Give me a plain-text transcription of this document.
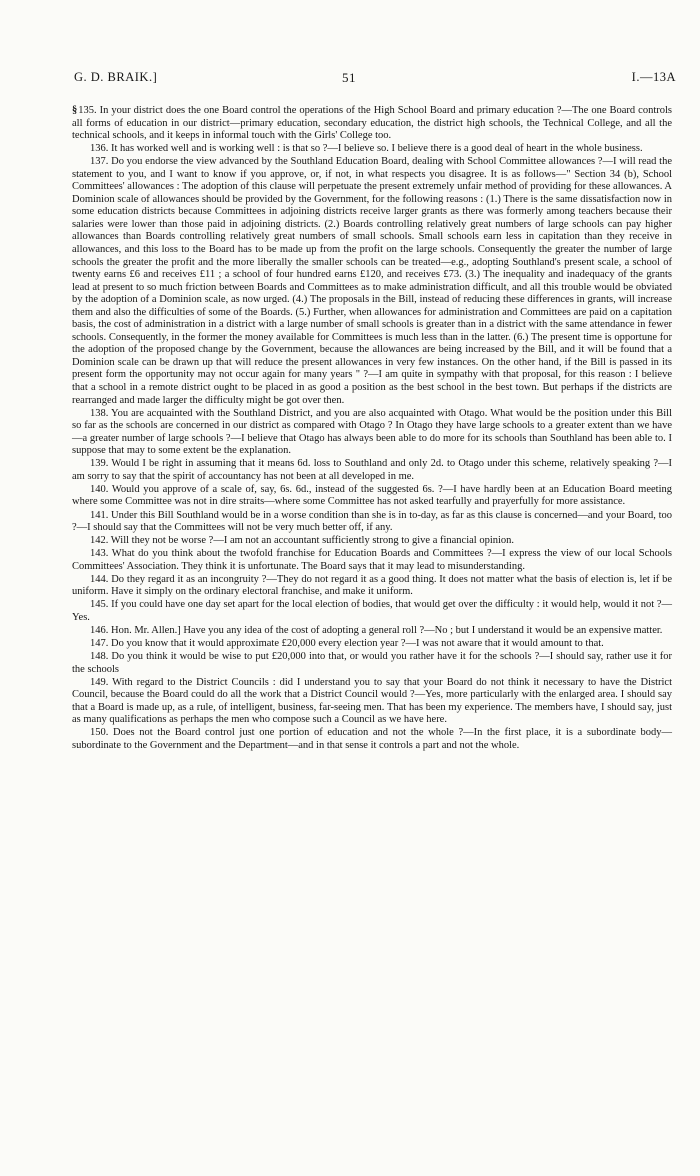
G. D. BRAIK.]	51	I.—13A

§135. In your district does the one Board control the operations of the High School Board and primary education ?—The one Board controls all forms of education in our district—primary education, secondary education, the district high schools, the Technical College, and all the technical schools, and it keeps in informal touch with the Girls' College too.

136. It has worked well and is working well : is that so ?—I believe so. I believe there is a good deal of heart in the whole business.

137. Do you endorse the view advanced by the Southland Education Board, dealing with School Committee allowances ?—I will read the statement to you, and I want to know if you approve, or, if not, in what respects you disagree. It is as follows—" Section 34 (b), School Committees' allowances : The adoption of this clause will perpetuate the present extremely unfair method of providing for these allowances. A Dominion scale of allowances should be provided by the Government, for the following reasons : (1.) There is the same dissatisfaction now in some education districts because Committees in adjoining districts receive larger grants as there was formerly among teachers because their salaries were lower than those paid in adjoining districts. (2.) Boards controlling relatively great numbers of large schools can pay higher allowances than Boards controlling relatively great numbers of small schools. Small schools earn less in capitation than they receive in allowances, and this loss to the Board has to be made up from the profit on the large schools. Consequently the greater the number of large schools the greater the profit and the more liberally the smaller schools can be treated—e.g., adopting Southland's present scale, a school of twenty earns £6 and receives £11 ; a school of four hundred earns £120, and receives £73. (3.) The inequality and inadequacy of the grants lead at present to so much friction between Boards and Committees as to make administration difficult, and all this trouble would be obviated by the adoption of a Dominion scale, as now urged. (4.) The proposals in the Bill, instead of reducing these differences in grants, will increase them and also the difficulties of some of the Boards. (5.) Further, when allowances for administration and Committees are paid on a capitation basis, the cost of administration in a district with a large number of small schools is greater than in a district with the same attendance in fewer schools. Consequently, in the former the money available for Committees is much less than in the latter. (6.) The present time is opportune for the adoption of the proposed change by the Government, because the allowances are being increased by the Bill, and it will be found that a Dominion scale can be drawn up that will reduce the present allowances in very few instances. On the other hand, if the Bill is passed in its present form the opportunity may not occur again for many years " ?—I am quite in sympathy with that proposal, for this reason : I believe that a school in a remote district ought to be placed in as good a position as the best school in the best town. But perhaps if the districts are rearranged and made larger the difficulty might be got over then.

138. You are acquainted with the Southland District, and you are also acquainted with Otago. What would be the position under this Bill so far as the schools are concerned in our district as compared with Otago ? In Otago they have large schools to a greater extent than we have—a greater number of large schools ?—I believe that Otago has always been able to do more for its schools than Southland has been able to. I suppose that may to some extent be the explanation.

139. Would I be right in assuming that it means 6d. loss to Southland and only 2d. to Otago under this scheme, relatively speaking ?—I am sorry to say that the spirit of accountancy has not been at all developed in me.

140. Would you approve of a scale of, say, 6s. 6d., instead of the suggested 6s. ?—I have hardly been at an Education Board meeting where some Committee was not in dire straits—where some Committee has not asked tearfully and prayerfully for more assistance.

141. Under this Bill Southland would be in a worse condition than she is in to-day, as far as this clause is concerned—and your Board, too ?—I should say that the Committees will not be very much better off, if any.

142. Will they not be worse ?—I am not an accountant sufficiently strong to give a financial opinion.

143. What do you think about the twofold franchise for Education Boards and Committees ?—I express the view of our local Schools Committees' Association. They think it is unfortunate. The Board says that it may lead to misunderstanding.

144. Do they regard it as an incongruity ?—They do not regard it as a good thing. It does not matter what the basis of election is, let if be uniform. Have it simply on the ordinary electoral franchise, and make it uniform.

145. If you could have one day set apart for the local election of bodies, that would get over the difficulty : it would help, would it not ?—Yes.

146. Hon. Mr. Allen.] Have you any idea of the cost of adopting a general roll ?—No ; but I understand it would be an expensive matter.

147. Do you know that it would approximate £20,000 every election year ?—I was not aware that it would amount to that.

148. Do you think it would be wise to put £20,000 into that, or would you rather have it for the schools ?—I should say, rather use it for the schools

149. With regard to the District Councils : did I understand you to say that your Board do not think it necessary to have the District Council, because the Board could do all the work that a District Council would ?—Yes, more particularly with the enlarged area. I should say that a Board is made up, as a rule, of intelligent, business, far-seeing men. That has been my experience. The members have, I should say, just as many qualifications as perhaps the men who compose such a Council as we have here.

150. Does not the Board control just one portion of education and not the whole ?—In the first place, it is a subordinate body—subordinate to the Government and the Department—and in that sense it controls a part and not the whole.
